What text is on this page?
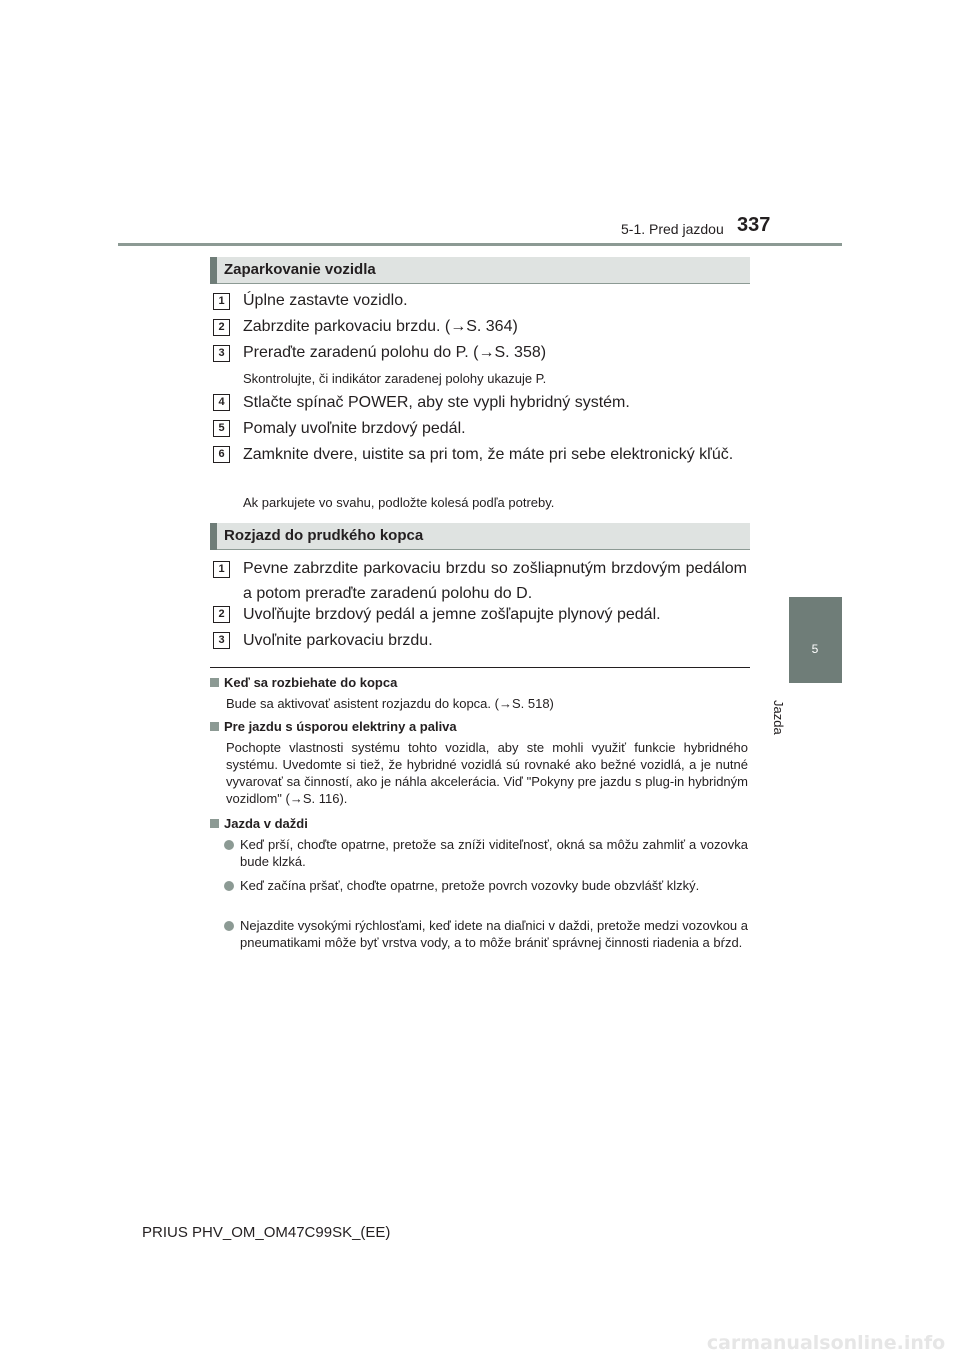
5-1. Pred jazdou 337
5
Jazda
Zaparkovanie vozidla
1	Úplne zastavte vozidlo.
2	Zabrzdite parkovaciu brzdu. (→S. 364)
3	Preraďte zaradenú polohu do P. (→S. 358)
Skontrolujte, či indikátor zaradenej polohy ukazuje P.
4	Stlačte spínač POWER, aby ste vypli hybridný systém.
5	Pomaly uvoľnite brzdový pedál.
6	Zamknite dvere, uistite sa pri tom, že máte pri sebe elektronický kľúč.
Ak parkujete vo svahu, podložte kolesá podľa potreby.
Rozjazd do prudkého kopca
1	Pevne zabrzdite parkovaciu brzdu so zošliapnutým brzdovým pedálom a potom preraďte zaradenú polohu do D.
2	Uvoľňujte brzdový pedál a jemne zošľapujte plynový pedál.
3	Uvoľnite parkovaciu brzdu.
Keď sa rozbiehate do kopca
Bude sa aktivovať asistent rozjazdu do kopca. (→S. 518)
Pre jazdu s úsporou elektriny a paliva
Pochopte vlastnosti systému tohto vozidla, aby ste mohli využiť funkcie hybridného systému. Uvedomte si tiež, že hybridné vozidlá sú rovnaké ako bežné vozidlá, a je nutné vyvarovať sa činností, ako je náhla akcelerácia. Viď "Pokyny pre jazdu s plug-in hybridným vozidlom" (→S. 116).
Jazda v daždi
Keď prší, choďte opatrne, pretože sa zníži viditeľnosť, okná sa môžu zahmliť a vozovka bude klzká.
Keď začína pršať, choďte opatrne, pretože povrch vozovky bude obzvlášť klzký.
Nejazdite vysokými rýchlosťami, keď idete na diaľnici v daždi, pretože medzi vozovkou a pneumatikami môže byť vrstva vody, a to môže brániť správnej činnosti riadenia a bŕzd.
PRIUS PHV_OM_OM47C99SK_(EE)
carmanualsonline.info
